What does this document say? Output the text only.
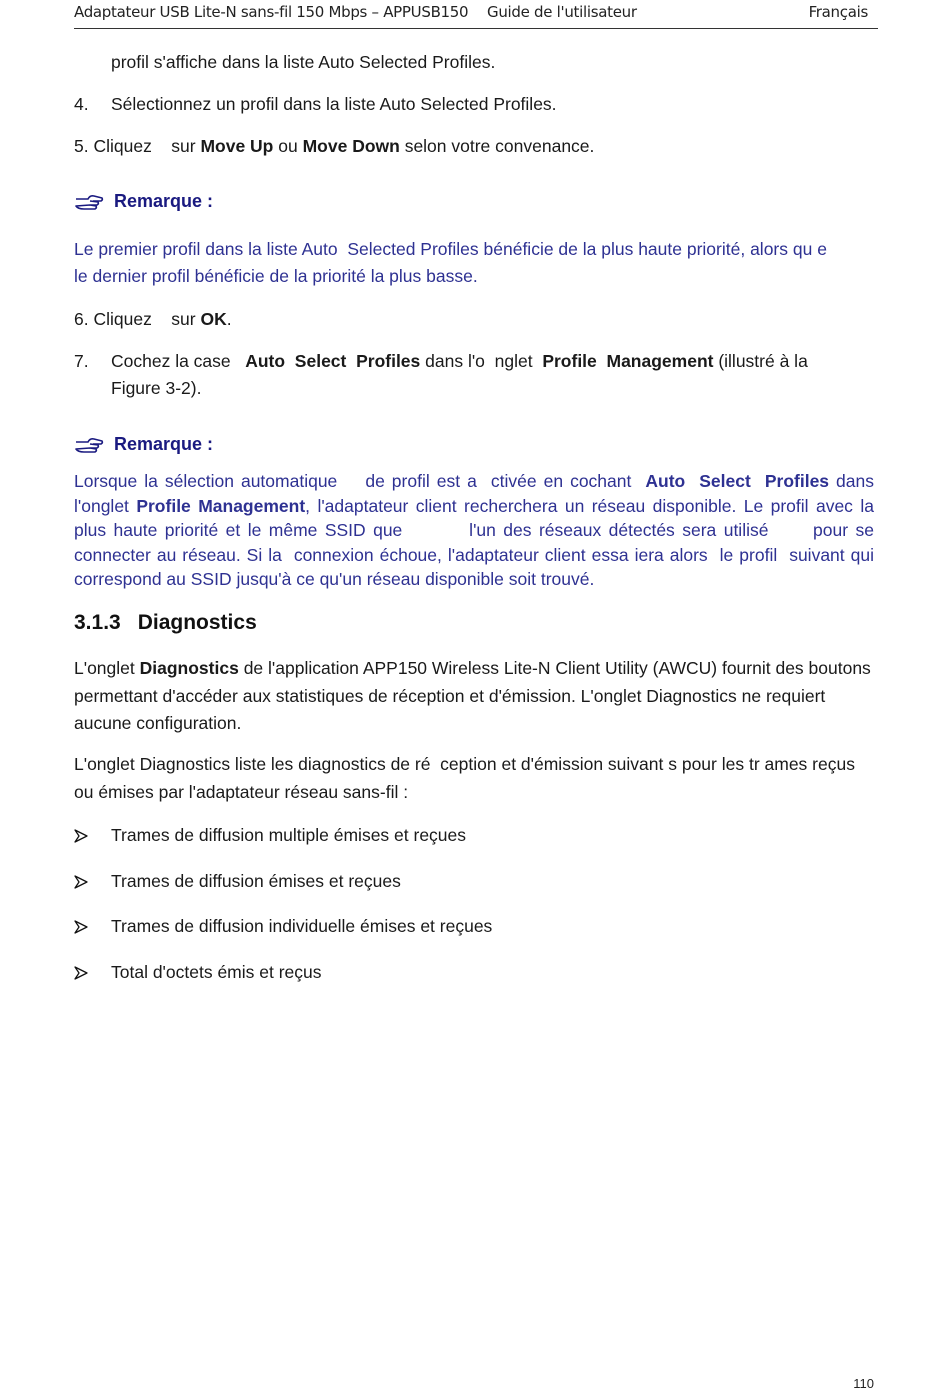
Adaptateur USB Lite-N sans-fil 150 Mbps – APPUSB150 Guide de l'utilisateur	Français
profil s'affiche dans la liste Auto Selected Profiles.
4. Sélectionnez un profil dans la liste Auto Selected Profiles.
5. Cliquez    sur Move Up ou Move Down selon votre convenance.
Remarque :
Le premier profil dans la liste Auto  Selected Profiles bénéficie de la plus haute priorité, alors qu e
le dernier profil bénéficie de la priorité la plus basse.
6. Cliquez    sur OK.
7. Cochez la case   Auto  Select  Profiles dans l'o  nglet  Profile  Management (illustré à la
Figure 3-2).
Remarque :
Lorsque la sélection automatique    de profil est a  ctivée en cochant  Auto  Select  Profiles dans l'onglet Profile Management, l'adaptateur client recherchera un réseau disponible. Le profil avec la plus haute priorité et le même SSID que         l'un des réseaux détectés sera utilisé      pour se connecter au réseau. Si la  connexion échoue, l'adaptateur client essa iera alors  le profil  suivant qui correspond au SSID jusqu'à ce qu'un réseau disponible soit trouvé.
3.1.3 Diagnostics
L'onglet Diagnostics de l'application APP150 Wireless Lite-N Client Utility (AWCU) fournit des boutons permettant d'accéder aux statistiques de réception et d'émission. L'onglet Diagnostics ne requiert aucune configuration.
L'onglet Diagnostics liste les diagnostics de ré  ception et d'émission suivant s pour les tr ames reçus ou émises par l'adaptateur réseau sans-fil :
Trames de diffusion multiple émises et reçues
Trames de diffusion émises et reçues
Trames de diffusion individuelle émises et reçues
Total d'octets émis et reçus
110
